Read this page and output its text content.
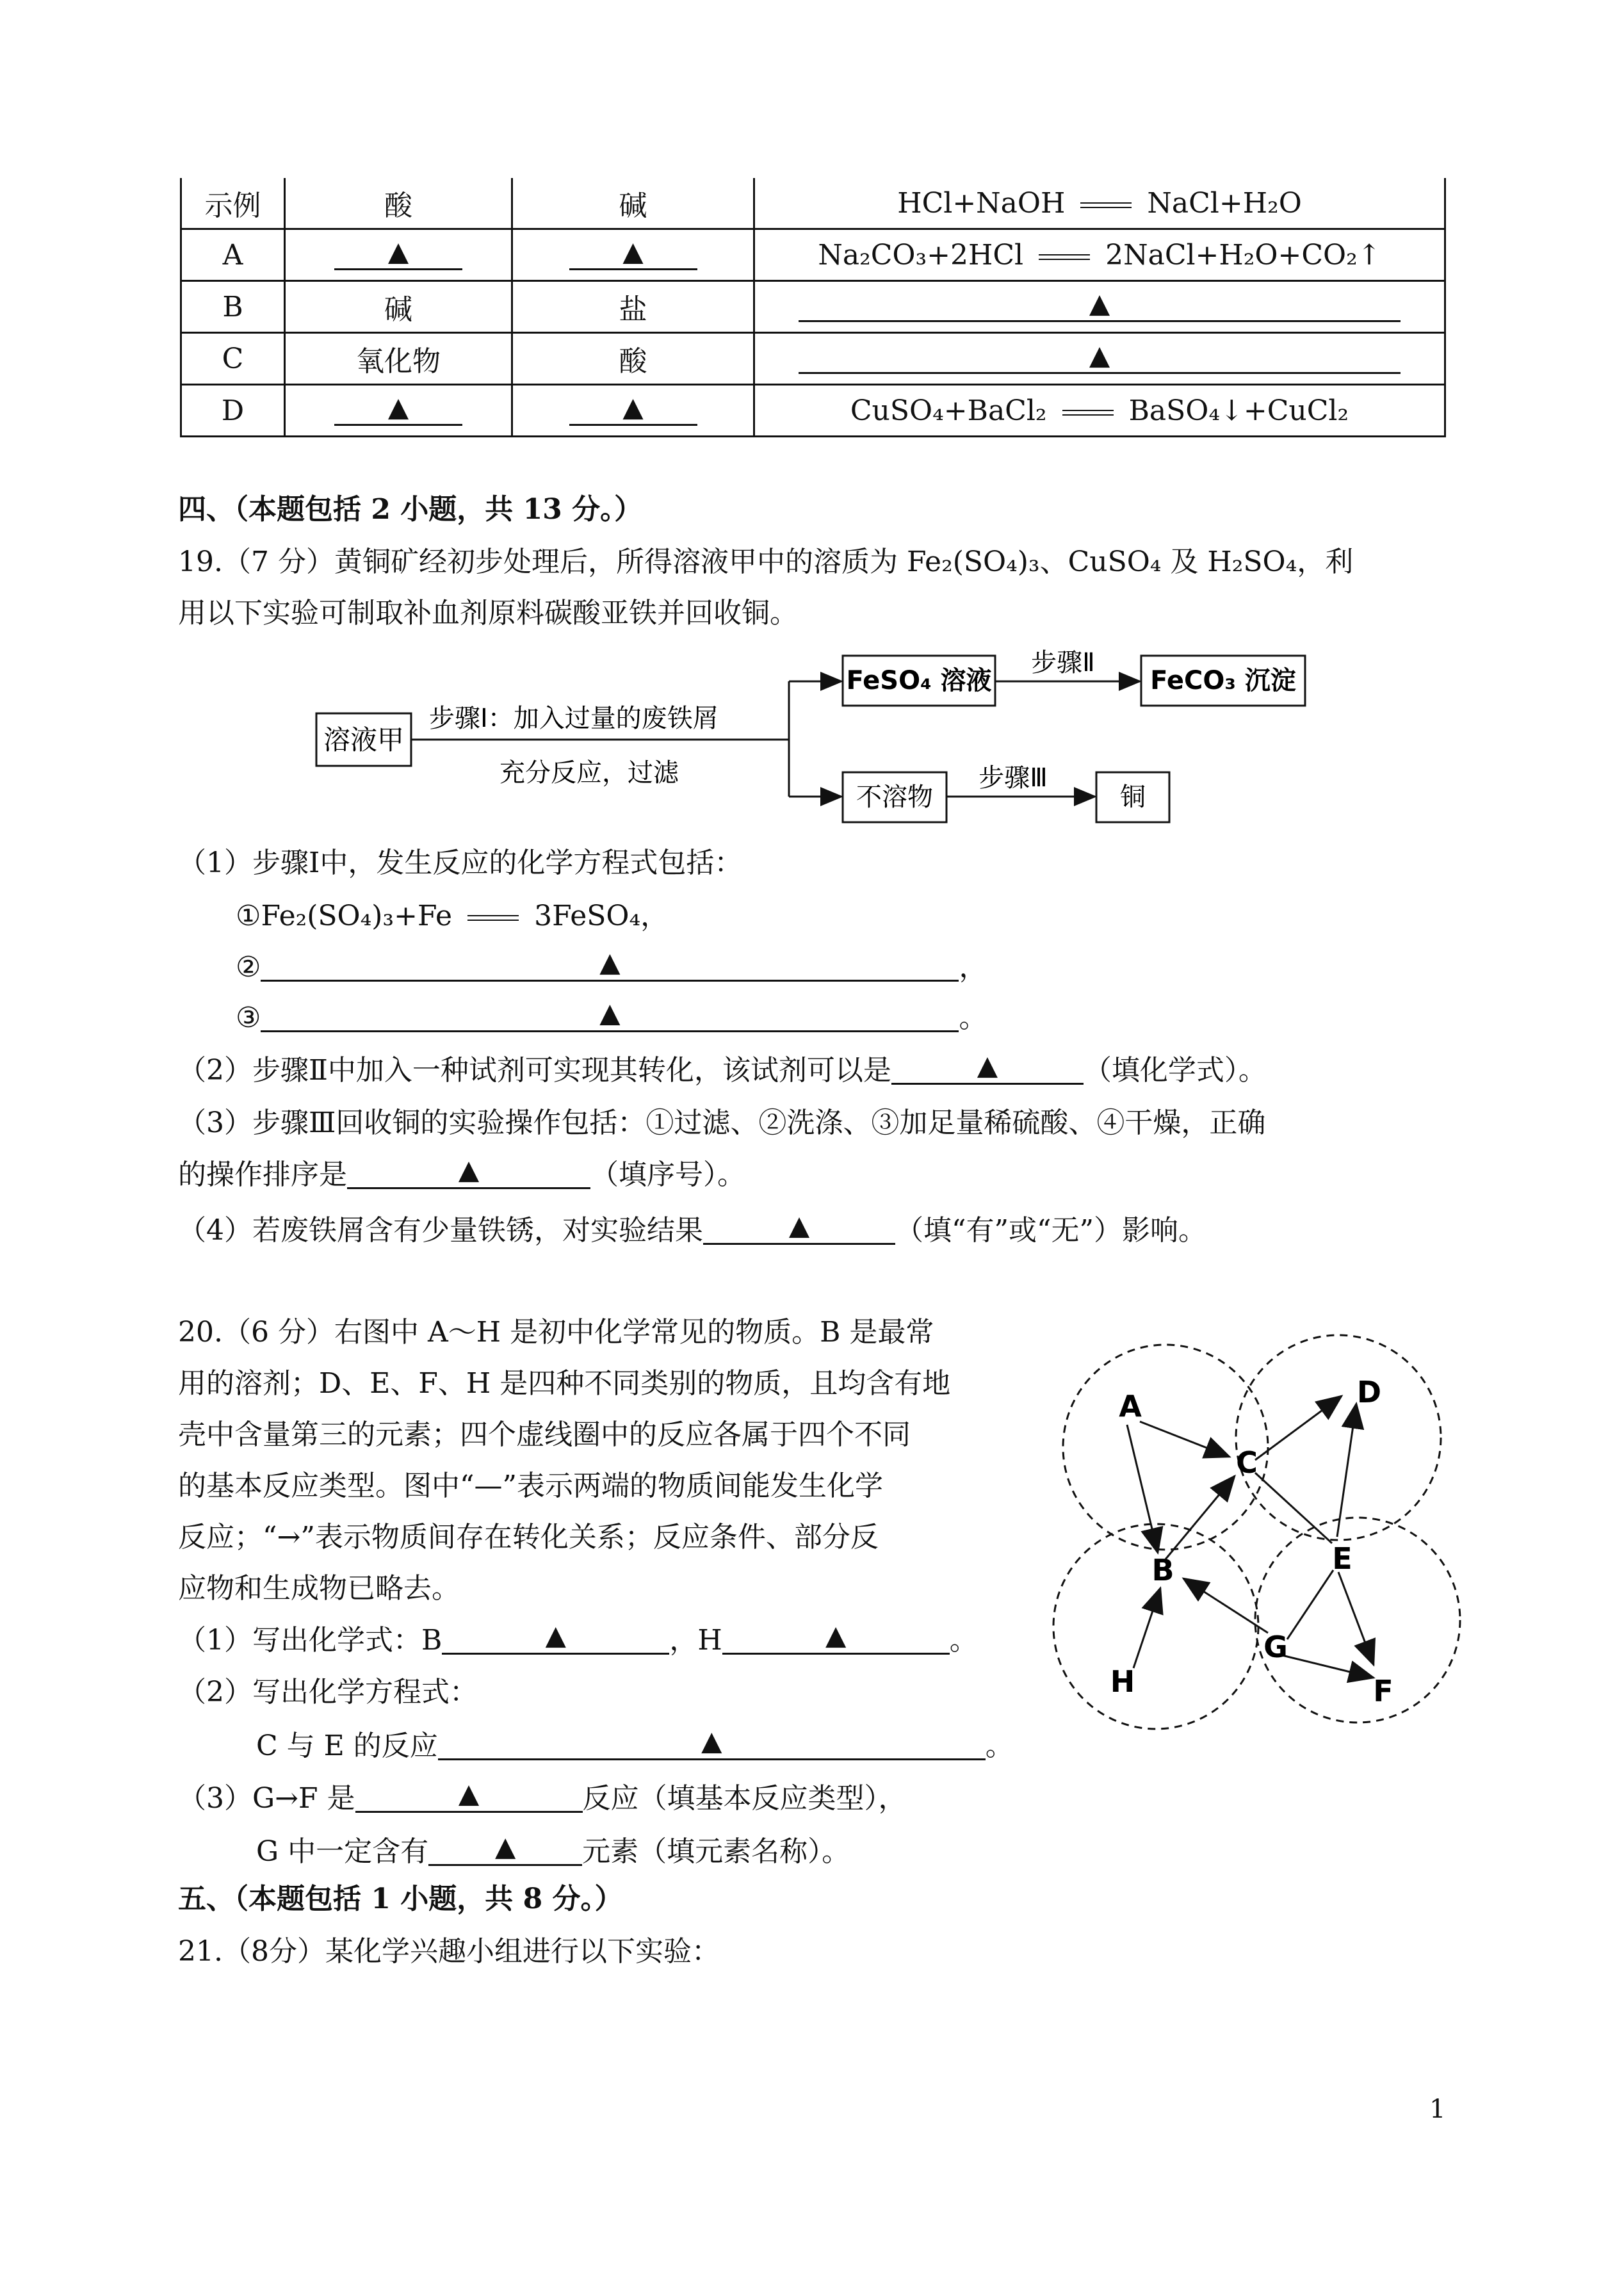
示例	酸	碱	HCl+NaOH NaCl+H₂O
A	▲	▲	Na₂CO₃+2HCl 2NaCl+H₂O+CO₂↑
B	碱	盐	▲

C	氧化物	酸	▲

D	▲	▲	CuSO₄+BaCl₂ BaSO₄↓+CuCl₂
四、（本题包括 2 小题，共 13 分。）
19.（7 分）黄铜矿经初步处理后，所得溶液甲中的溶质为 Fe₂(SO₄)₃、CuSO₄ 及 H₂SO₄，利
用以下实验可制取补血剂原料碳酸亚铁并回收铜。
溶液甲
步骤Ⅰ：加入过量的废铁屑
充分反应，过滤
FeSO₄ 溶液
步骤Ⅱ
FeCO₃ 沉淀
不溶物
步骤Ⅲ
铜
（1）步骤Ⅰ中，发生反应的化学方程式包括：
①Fe₂(SO₄)₃+Fe	3FeSO₄，
②	▲	，
③	▲	。
（2）步骤Ⅱ中加入一种试剂可实现其转化，该试剂可以是	▲	（填化学式）。
（3）步骤Ⅲ回收铜的实验操作包括：①过滤、②洗涤、③加足量稀硫酸、④干燥，正确
的操作排序是	▲	（填序号）。
（4）若废铁屑含有少量铁锈，对实验结果	▲	（填“有”或“无”）影响。
20.（6 分）右图中 A～H 是初中化学常见的物质。B 是最常
用的溶剂；D、E、F、H 是四种不同类别的物质，且均含有地
壳中含量第三的元素；四个虚线圈中的反应各属于四个不同
的基本反应类型。图中“—”表示两端的物质间能发生化学
反应；“→”表示物质间存在转化关系；反应条件、部分反
应物和生成物已略去。
（1）写出化学式：B	▲	，H	▲	。
（2）写出化学方程式：
C 与 E 的反应	▲	。
（3）G→F 是	▲	反应（填基本反应类型），
G 中一定含有 ▲ 元素（填元素名称）。
A
B
C
D
E
F
G
H
五、（本题包括 1 小题，共 8 分。）
21.（8分）某化学兴趣小组进行以下实验：
1
